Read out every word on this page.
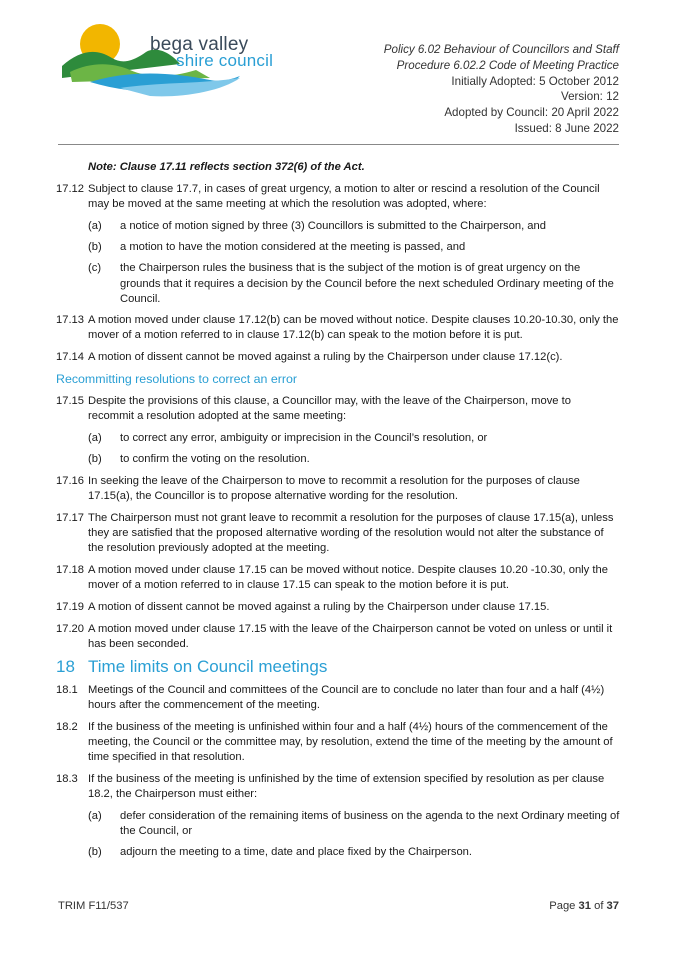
bega valley
shire council
Policy 6.02 Behaviour of Councillors and Staff
Procedure 6.02.2 Code of Meeting Practice
Initially Adopted: 5 October 2012
Version: 12
Adopted by Council: 20 April 2022
Issued: 8 June 2022
Note: Clause 17.11 reflects section 372(6) of the Act.
17.12 Subject to clause 17.7, in cases of great urgency, a motion to alter or rescind a resolution of the Council may be moved at the same meeting at which the resolution was adopted, where:
(a)	a notice of motion signed by three (3) Councillors is submitted to the Chairperson, and
(b)	a motion to have the motion considered at the meeting is passed, and
(c)	the Chairperson rules the business that is the subject of the motion is of great urgency on the grounds that it requires a decision by the Council before the next scheduled Ordinary meeting of the Council.
17.13 A motion moved under clause 17.12(b) can be moved without notice. Despite clauses 10.20-10.30, only the mover of a motion referred to in clause 17.12(b) can speak to the motion before it is put.
17.14 A motion of dissent cannot be moved against a ruling by the Chairperson under clause 17.12(c).
Recommitting resolutions to correct an error
17.15 Despite the provisions of this clause, a Councillor may, with the leave of the Chairperson, move to recommit a resolution adopted at the same meeting:
(a)	to correct any error, ambiguity or imprecision in the Council’s resolution, or
(b)	to confirm the voting on the resolution.
17.16 In seeking the leave of the Chairperson to move to recommit a resolution for the purposes of clause 17.15(a), the Councillor is to propose alternative wording for the resolution.
17.17 The Chairperson must not grant leave to recommit a resolution for the purposes of clause 17.15(a), unless they are satisfied that the proposed alternative wording of the resolution would not alter the substance of the resolution previously adopted at the meeting.
17.18 A motion moved under clause 17.15 can be moved without notice. Despite clauses 10.20 -10.30, only the mover of a motion referred to in clause 17.15 can speak to the motion before it is put.
17.19 A motion of dissent cannot be moved against a ruling by the Chairperson under clause 17.15.
17.20 A motion moved under clause 17.15 with the leave of the Chairperson cannot be voted on unless or until it has been seconded.
18 Time limits on Council meetings
18.1 Meetings of the Council and committees of the Council are to conclude no later than four and a half (4½) hours after the commencement of the meeting.
18.2 If the business of the meeting is unfinished within four and a half (4½) hours of the commencement of the meeting, the Council or the committee may, by resolution, extend the time of the meeting by the amount of time specified in that resolution.
18.3 If the business of the meeting is unfinished by the time of extension specified by resolution as per clause 18.2, the Chairperson must either:
(a)	defer consideration of the remaining items of business on the agenda to the next Ordinary meeting of the Council, or
(b)	adjourn the meeting to a time, date and place fixed by the Chairperson.
TRIM F11/537	Page 31 of 37
